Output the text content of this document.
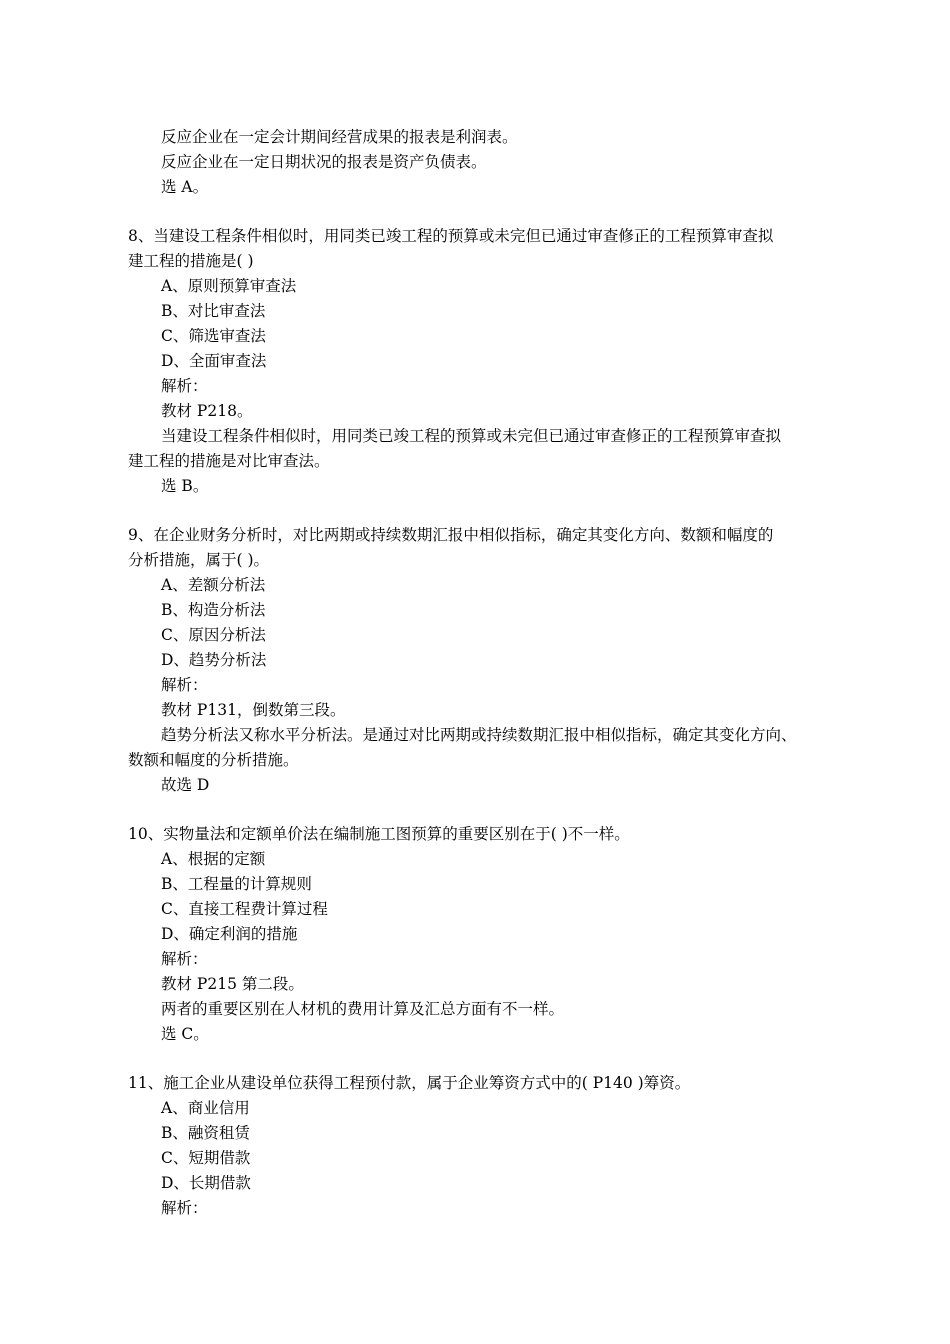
反应企业在一定会计期间经营成果的报表是利润表。
反应企业在一定日期状况的报表是资产负债表。
选 A。
8、当建设工程条件相似时，用同类已竣工程的预算或未完但已通过审查修正的工程预算审查拟
建工程的措施是( )
A、原则预算审查法
B、对比审查法
C、筛选审查法
D、全面审查法
解析：
教材 P218。
当建设工程条件相似时，用同类已竣工程的预算或未完但已通过审查修正的工程预算审查拟
建工程的措施是对比审查法。
选 B。
9、在企业财务分析时，对比两期或持续数期汇报中相似指标，确定其变化方向、数额和幅度的
分析措施，属于( )。
A、差额分析法
B、构造分析法
C、原因分析法
D、趋势分析法
解析：
教材 P131，倒数第三段。
趋势分析法又称水平分析法。是通过对比两期或持续数期汇报中相似指标，确定其变化方向、
数额和幅度的分析措施。
故选 D
10、实物量法和定额单价法在编制施工图预算的重要区别在于( )不一样。
A、根据的定额
B、工程量的计算规则
C、直接工程费计算过程
D、确定利润的措施
解析：
教材 P215 第二段。
两者的重要区别在人材机的费用计算及汇总方面有不一样。
选 C。
11、施工企业从建设单位获得工程预付款，属于企业筹资方式中的( P140 )筹资。
A、商业信用
B、融资租赁
C、短期借款
D、长期借款
解析：
